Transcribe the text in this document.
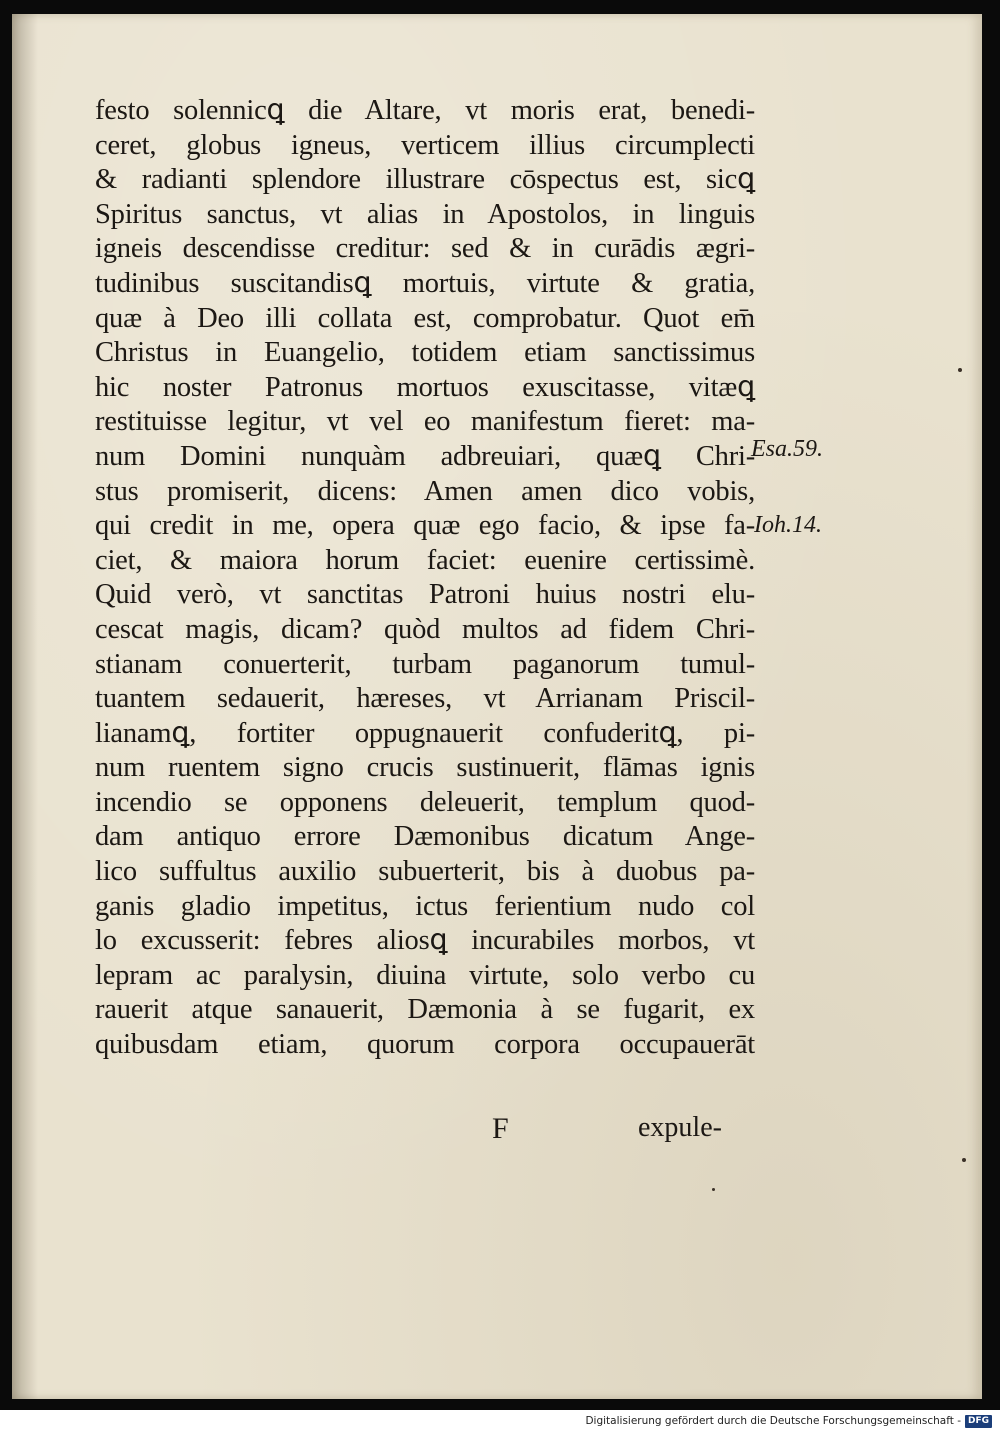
festo solennicꝗ die Altare, vt moris erat, benedi-
ceret, globus igneus, verticem illius circumplecti
& radianti splendore illustrare cōspectus est, sicꝗ
Spiritus sanctus, vt alias in Apostolos, in linguis
igneis descendisse creditur: sed & in curādis ægri-
tudinibus suscitandisꝗ mortuis, virtute & gratia,
quæ à Deo illi collata est, comprobatur. Quot em̄
Christus in Euangelio, totidem etiam sanctissimus
hic noster Patronus mortuos exuscitasse, vitæꝗ
restituisse legitur, vt vel eo manifestum fieret: ma-
num Domini nunquàm adbreuiari, quæꝗ Chri-
stus promiserit, dicens: Amen amen dico vobis,
qui credit in me, opera quæ ego facio, & ipse fa-
ciet, & maiora horum faciet: euenire certissimè.
Quid verò, vt sanctitas Patroni huius nostri elu-
cescat magis, dicam? quòd multos ad fidem Chri-
stianam conuerterit, turbam paganorum tumul-
tuantem sedauerit, hæreses, vt Arrianam Priscil-
lianamꝗ, fortiter oppugnauerit confuderitꝗ, pi-
num ruentem signo crucis sustinuerit, flāmas ignis
incendio se opponens deleuerit, templum quod-
dam antiquo errore Dæmonibus dicatum Ange-
lico suffultus auxilio subuerterit, bis à duobus pa-
ganis gladio impetitus, ictus ferientium nudo col
lo excusserit: febres aliosꝗ incurabiles morbos, vt
lepram ac paralysin, diuina virtute, solo verbo cu
rauerit atque sanauerit, Dæmonia à se fugarit, ex
quibusdam etiam, quorum corpora occupauerāt
Esa.59.
Ioh.14.
F	expule-
Digitalisierung gefördert durch die Deutsche Forschungsgemeinschaft - DFG
